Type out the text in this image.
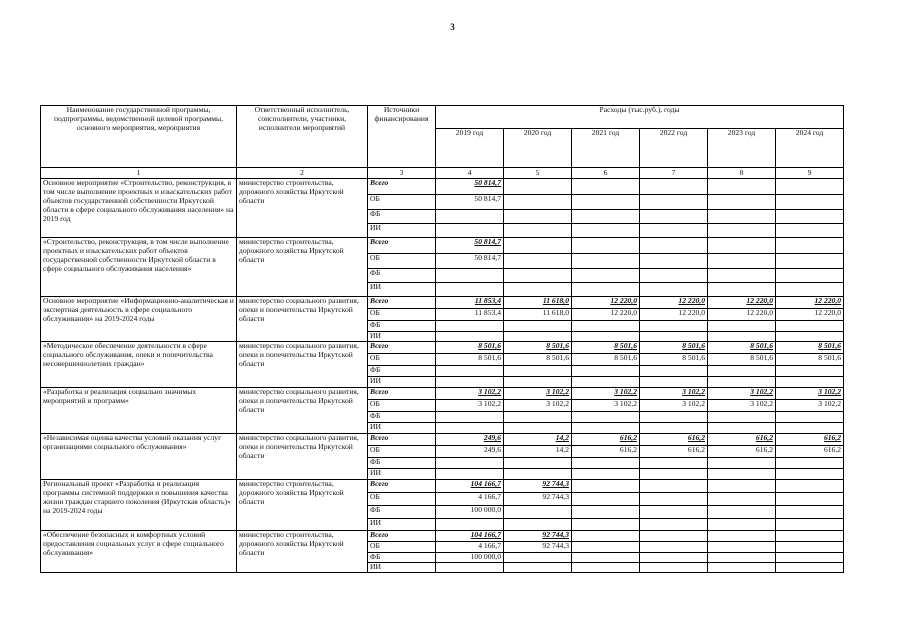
3
Наименование государственной программы, подпрограммы, ведомственной целевой программы, основного мероприятия, мероприятия	Ответственный исполнитель, соисполнители, участники, исполнители мероприятий	Источники финансирования	Расходы (тыс.руб.), годы					
			2019 год	2020 год	2021 год	2022 год	2023 год	2024 год
1	2	3	4	5	6	7	8	9
Основное мероприятие «Строительство, реконструкция, в том числе выполнение проектных и изыскательских работ объектов государственной собственности Иркутской области в сфере социального обслуживания населения» на 2019 год	министерство строительства, дорожного хозяйства Иркутской области	Всего	50 814,7					
		ОБ	50 814,7					
		ФБ						
		ИИ						
«Строительство, реконструкция, в том числе выполнение проектных и изыскательских работ объектов государственной собственности Иркутской области в сфере социального обслуживания населения»	министерство строительства, дорожного хозяйства Иркутской области	Всего	50 814,7					
		ОБ	50 814,7					
		ФБ						
		ИИ						
Основное мероприятие «Информационно-аналитическая и экспертная деятельность в сфере социального обслуживания» на 2019-2024 годы	министерство социального развития, опеки и попечительства Иркутской области	Всего	11 853,4	11 618,0	12 220,0	12 220,0	12 220,0	12 220,0
		ОБ	11 853,4	11 618,0	12 220,0	12 220,0	12 220,0	12 220,0
		ФБ						
		ИИ						
«Методическое обеспечение деятельности в сфере социального обслуживания, опеки и попечительства несовершеннолетних граждан»	министерство социального развития, опеки и попечительства Иркутской области	Всего	8 501,6	8 501,6	8 501,6	8 501,6	8 501,6	8 501,6
		ОБ	8 501,6	8 501,6	8 501,6	8 501,6	8 501,6	8 501,6
		ФБ						
		ИИ						
«Разработка и реализация социально значимых мероприятий и программ»	министерство социального развития, опеки и попечительства Иркутской области	Всего	3 102,2	3 102,2	3 102,2	3 102,2	3 102,2	3 102,2
		ОБ	3 102,2	3 102,2	3 102,2	3 102,2	3 102,2	3 102,2
		ФБ						
		ИИ						
«Независимая оценка качества условий оказания услуг организациями социального обслуживания»	министерство социального развития, опеки и попечительства Иркутской области	Всего	249,6	14,2	616,2	616,2	616,2	616,2
		ОБ	249,6	14,2	616,2	616,2	616,2	616,2
		ФБ						
		ИИ						
Региональный проект «Разработка и реализация программы системной поддержки и повышения качества жизни граждан старшего поколения (Иркутская область)» на 2019-2024 годы	министерство строительства, дорожного хозяйства Иркутской области	Всего	104 166,7	92 744,3				
		ОБ	4 166,7	92 744,3				
		ФБ	100 000,0					
		ИИ						
«Обеспечение безопасных и комфортных условий предоставления социальных услуг в сфере социального обслуживания»	министерство строительства, дорожного хозяйства Иркутской области	Всего	104 166,7	92 744,3				
		ОБ	4 166,7	92 744,3				
		ФБ	100 000,0					
		ИИ						
